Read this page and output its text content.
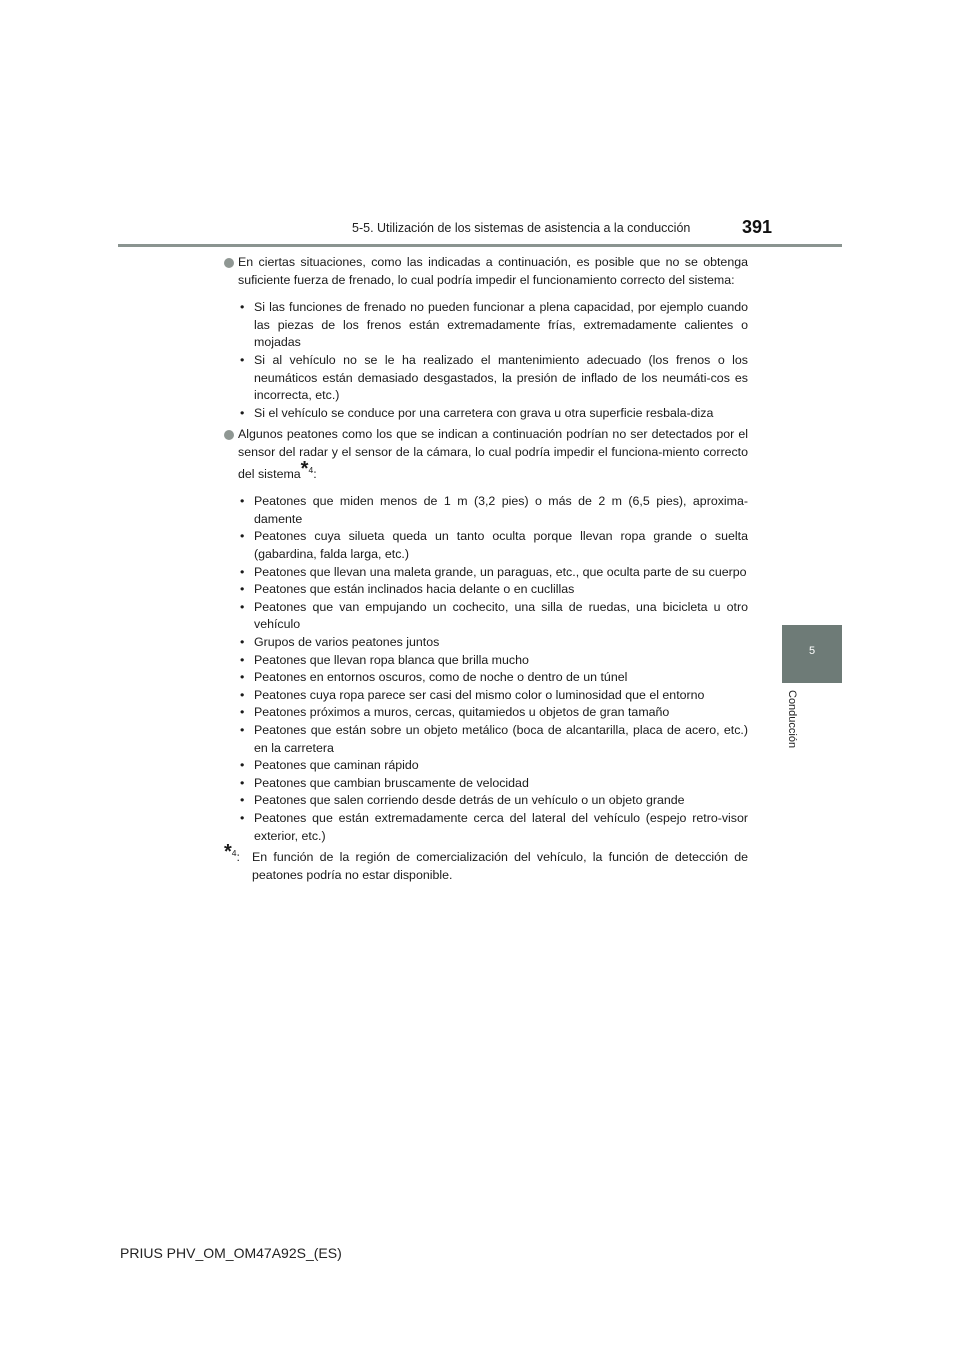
5-5. Utilización de los sistemas de asistencia a la conducción	391
5
Conducción
En ciertas situaciones, como las indicadas a continuación, es posible que no se obtenga suficiente fuerza de frenado, lo cual podría impedir el funcionamiento correcto del sistema:
• Si las funciones de frenado no pueden funcionar a plena capacidad, por ejemplo cuando las piezas de los frenos están extremadamente frías, extremadamente calientes o mojadas
• Si al vehículo no se le ha realizado el mantenimiento adecuado (los frenos o los neumáticos están demasiado desgastados, la presión de inflado de los neumáti-cos es incorrecta, etc.)
• Si el vehículo se conduce por una carretera con grava u otra superficie resbala-diza
Algunos peatones como los que se indican a continuación podrían no ser detectados por el sensor del radar y el sensor de la cámara, lo cual podría impedir el funciona-miento correcto del sistema*$^4$:
• Peatones que miden menos de 1 m (3,2 pies) o más de 2 m (6,5 pies), aproxima-damente
• Peatones cuya silueta queda un tanto oculta porque llevan ropa grande o suelta (gabardina, falda larga, etc.)
• Peatones que llevan una maleta grande, un paraguas, etc., que oculta parte de su cuerpo
• Peatones que están inclinados hacia delante o en cuclillas
• Peatones que van empujando un cochecito, una silla de ruedas, una bicicleta u otro vehículo
• Grupos de varios peatones juntos
• Peatones que llevan ropa blanca que brilla mucho
• Peatones en entornos oscuros, como de noche o dentro de un túnel
• Peatones cuya ropa parece ser casi del mismo color o luminosidad que el entorno
• Peatones próximos a muros, cercas, quitamiedos u objetos de gran tamaño
• Peatones que están sobre un objeto metálico (boca de alcantarilla, placa de acero, etc.) en la carretera
• Peatones que caminan rápido
• Peatones que cambian bruscamente de velocidad
• Peatones que salen corriendo desde detrás de un vehículo o un objeto grande
• Peatones que están extremadamente cerca del lateral del vehículo (espejo retro-visor exterior, etc.)
*$^4$: En función de la región de comercialización del vehículo, la función de detección de peatones podría no estar disponible.
PRIUS PHV_OM_OM47A92S_(ES)
